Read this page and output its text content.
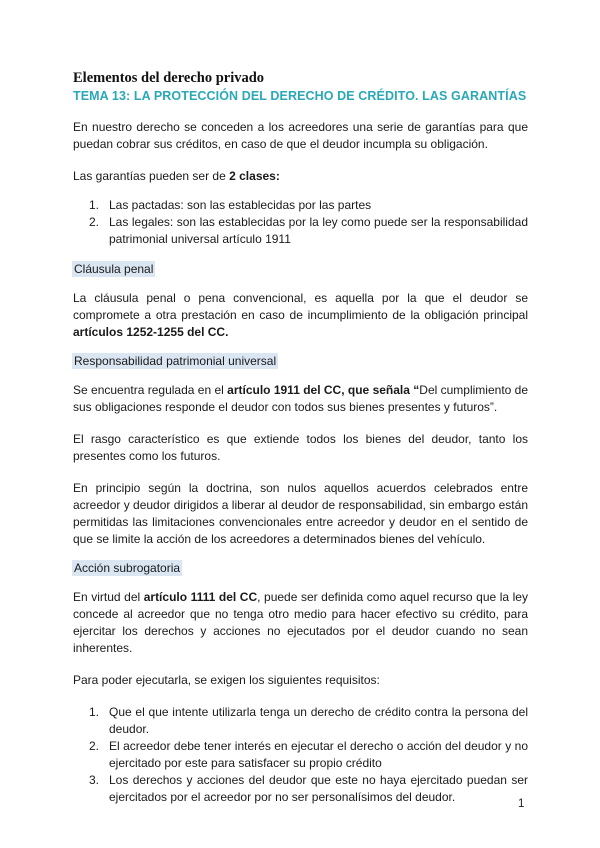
Elementos del derecho privado
TEMA 13: LA PROTECCIÓN DEL DERECHO DE CRÉDITO. LAS GARANTÍAS

En nuestro derecho se conceden a los acreedores una serie de garantías para que puedan cobrar sus créditos, en caso de que el deudor incumpla su obligación.

Las garantías pueden ser de 2 clases:

1. Las pactadas: son las establecidas por las partes
2. Las legales: son las establecidas por la ley como puede ser la responsabilidad patrimonial universal artículo 1911
Cláusula penal

La cláusula penal o pena convencional, es aquella por la que el deudor se compromete a otra prestación en caso de incumplimiento de la obligación principal artículos 1252-1255 del CC.

Responsabilidad patrimonial universal

Se encuentra regulada en el artículo 1911 del CC, que señala “Del cumplimiento de sus obligaciones responde el deudor con todos sus bienes presentes y futuros”.

El rasgo característico es que extiende todos los bienes del deudor, tanto los presentes como los futuros.

En principio según la doctrina, son nulos aquellos acuerdos celebrados entre acreedor y deudor dirigidos a liberar al deudor de responsabilidad, sin embargo están permitidas las limitaciones convencionales entre acreedor y deudor en el sentido de que se limite la acción de los acreedores a determinados bienes del vehículo.

Acción subrogatoria

En virtud del artículo 1111 del CC, puede ser definida como aquel recurso que la ley concede al acreedor que no tenga otro medio para hacer efectivo su crédito, para ejercitar los derechos y acciones no ejecutados por el deudor cuando no sean inherentes.

Para poder ejecutarla, se exigen los siguientes requisitos:

1. Que el que intente utilizarla tenga un derecho de crédito contra la persona del deudor.
2. El acreedor debe tener interés en ejecutar el derecho o acción del deudor y no ejercitado por este para satisfacer su propio crédito
3. Los derechos y acciones del deudor que este no haya ejercitado puedan ser ejercitados por el acreedor por no ser personalísimos del deudor.	1
